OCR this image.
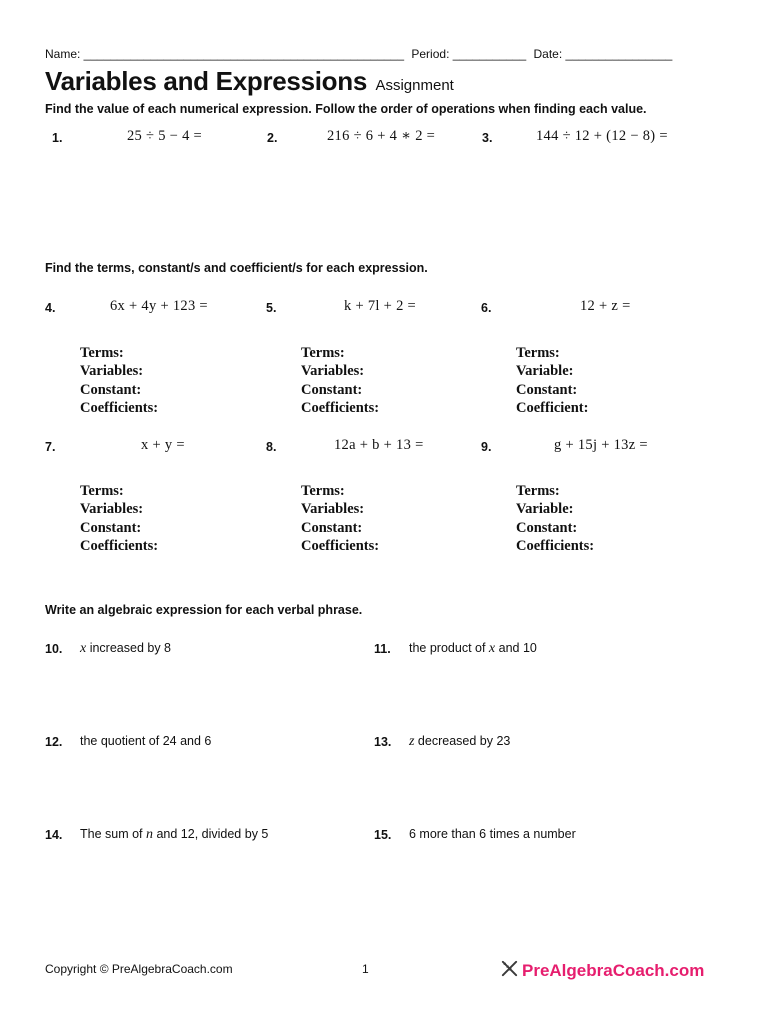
Name: ________________________________________________ Period: ___________ Date: ________________
Variables and Expressions Assignment
Find the value of each numerical expression. Follow the order of operations when finding each value.
1.	25 ÷ 5 − 4 =	2.	216 ÷ 6 + 4 ∗ 2 =	3.	144 ÷ 12 + (12 − 8) =
Find the terms, constant/s and coefficient/s for each expression.
4.	6x + 4y + 123 =
Terms:
Variables:
Constant:
Coefficients:
5.	k + 7l + 2 =
Terms:
Variables:
Constant:
Coefficients:
6.	12 + z =
Terms:
Variable:
Constant:
Coefficient:
7.	x + y =
Terms:
Variables:
Constant:
Coefficients:
8.	12a + b + 13 =
Terms:
Variables:
Constant:
Coefficients:
9.	g + 15j + 13z =
Terms:
Variable:
Constant:
Coefficients:
Write an algebraic expression for each verbal phrase.
10. x increased by 8	11. the product of x and 10
12. the quotient of 24 and 6	13. z decreased by 23
14. The sum of n and 12, divided by 5	15. 6 more than 6 times a number
Copyright © PreAlgebraCoach.com	1	PreAlgebraCoach.com
